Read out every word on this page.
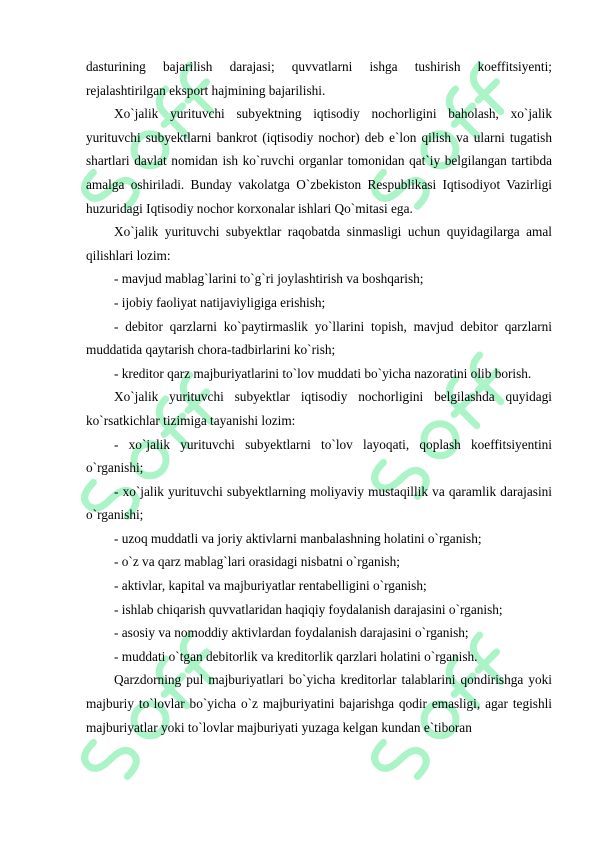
dasturining bajarilish darajasi; quvvatlarni ishga tushirish koeffitsiyenti; rejalashtirilgan eksport hajmining bajarilishi.

Xo`jalik yurituvchi subyektning iqtisodiy nochorligini baholash, xo`jalik yurituvchi subyektlarni bankrot (iqtisodiy nochor) deb e`lon qilish va ularni tugatish shartlari davlat nomidan ish ko`ruvchi organlar tomonidan qat`iy belgilangan tartibda amalga oshiriladi. Bunday vakolatga O`zbekiston Respublikasi Iqtisodiyot Vazirligi huzuridagi Iqtisodiy nochor korxonalar ishlari Qo`mitasi ega.

Xo`jalik yurituvchi subyektlar raqobatda sinmasligi uchun quyidagilarga amal qilishlari lozim:

- mavjud mablag`larini to`g`ri joylashtirish va boshqarish;

- ijobiy faoliyat natijaviyligiga erishish;

- debitor qarzlarni ko`paytirmaslik yo`llarini topish, mavjud debitor qarzlarni muddatida qaytarish chora-tadbirlarini ko`rish;

- kreditor qarz majburiyatlarini to`lov muddati bo`yicha nazoratini olib borish.

Xo`jalik yurituvchi subyektlar iqtisodiy nochorligini belgilashda quyidagi ko`rsatkichlar tizimiga tayanishi lozim:

- xo`jalik yurituvchi subyektlarni to`lov layoqati, qoplash koeffitsiyentini o`rganishi;

- xo`jalik yurituvchi subyektlarning moliyaviy mustaqillik va qaramlik darajasini o`rganishi;

- uzoq muddatli va joriy aktivlarni manbalashning holatini o`rganish;

- o`z va qarz mablag`lari orasidagi nisbatni o`rganish;

- aktivlar, kapital va majburiyatlar rentabelligini o`rganish;

- ishlab chiqarish quvvatlaridan haqiqiy foydalanish darajasini o`rganish;

- asosiy va nomoddiy aktivlardan foydalanish darajasini o`rganish;

- muddati o`tgan debitorlik va kreditorlik qarzlari holatini o`rganish.

Qarzdorning pul majburiyatlari bo`yicha kreditorlar talablarini qondirishga yoki majburiy to`lovlar bo`yicha o`z majburiyatini bajarishga qodir emasligi, agar tegishli majburiyatlar yoki to`lovlar majburiyati yuzaga kelgan kundan e`tiboran
